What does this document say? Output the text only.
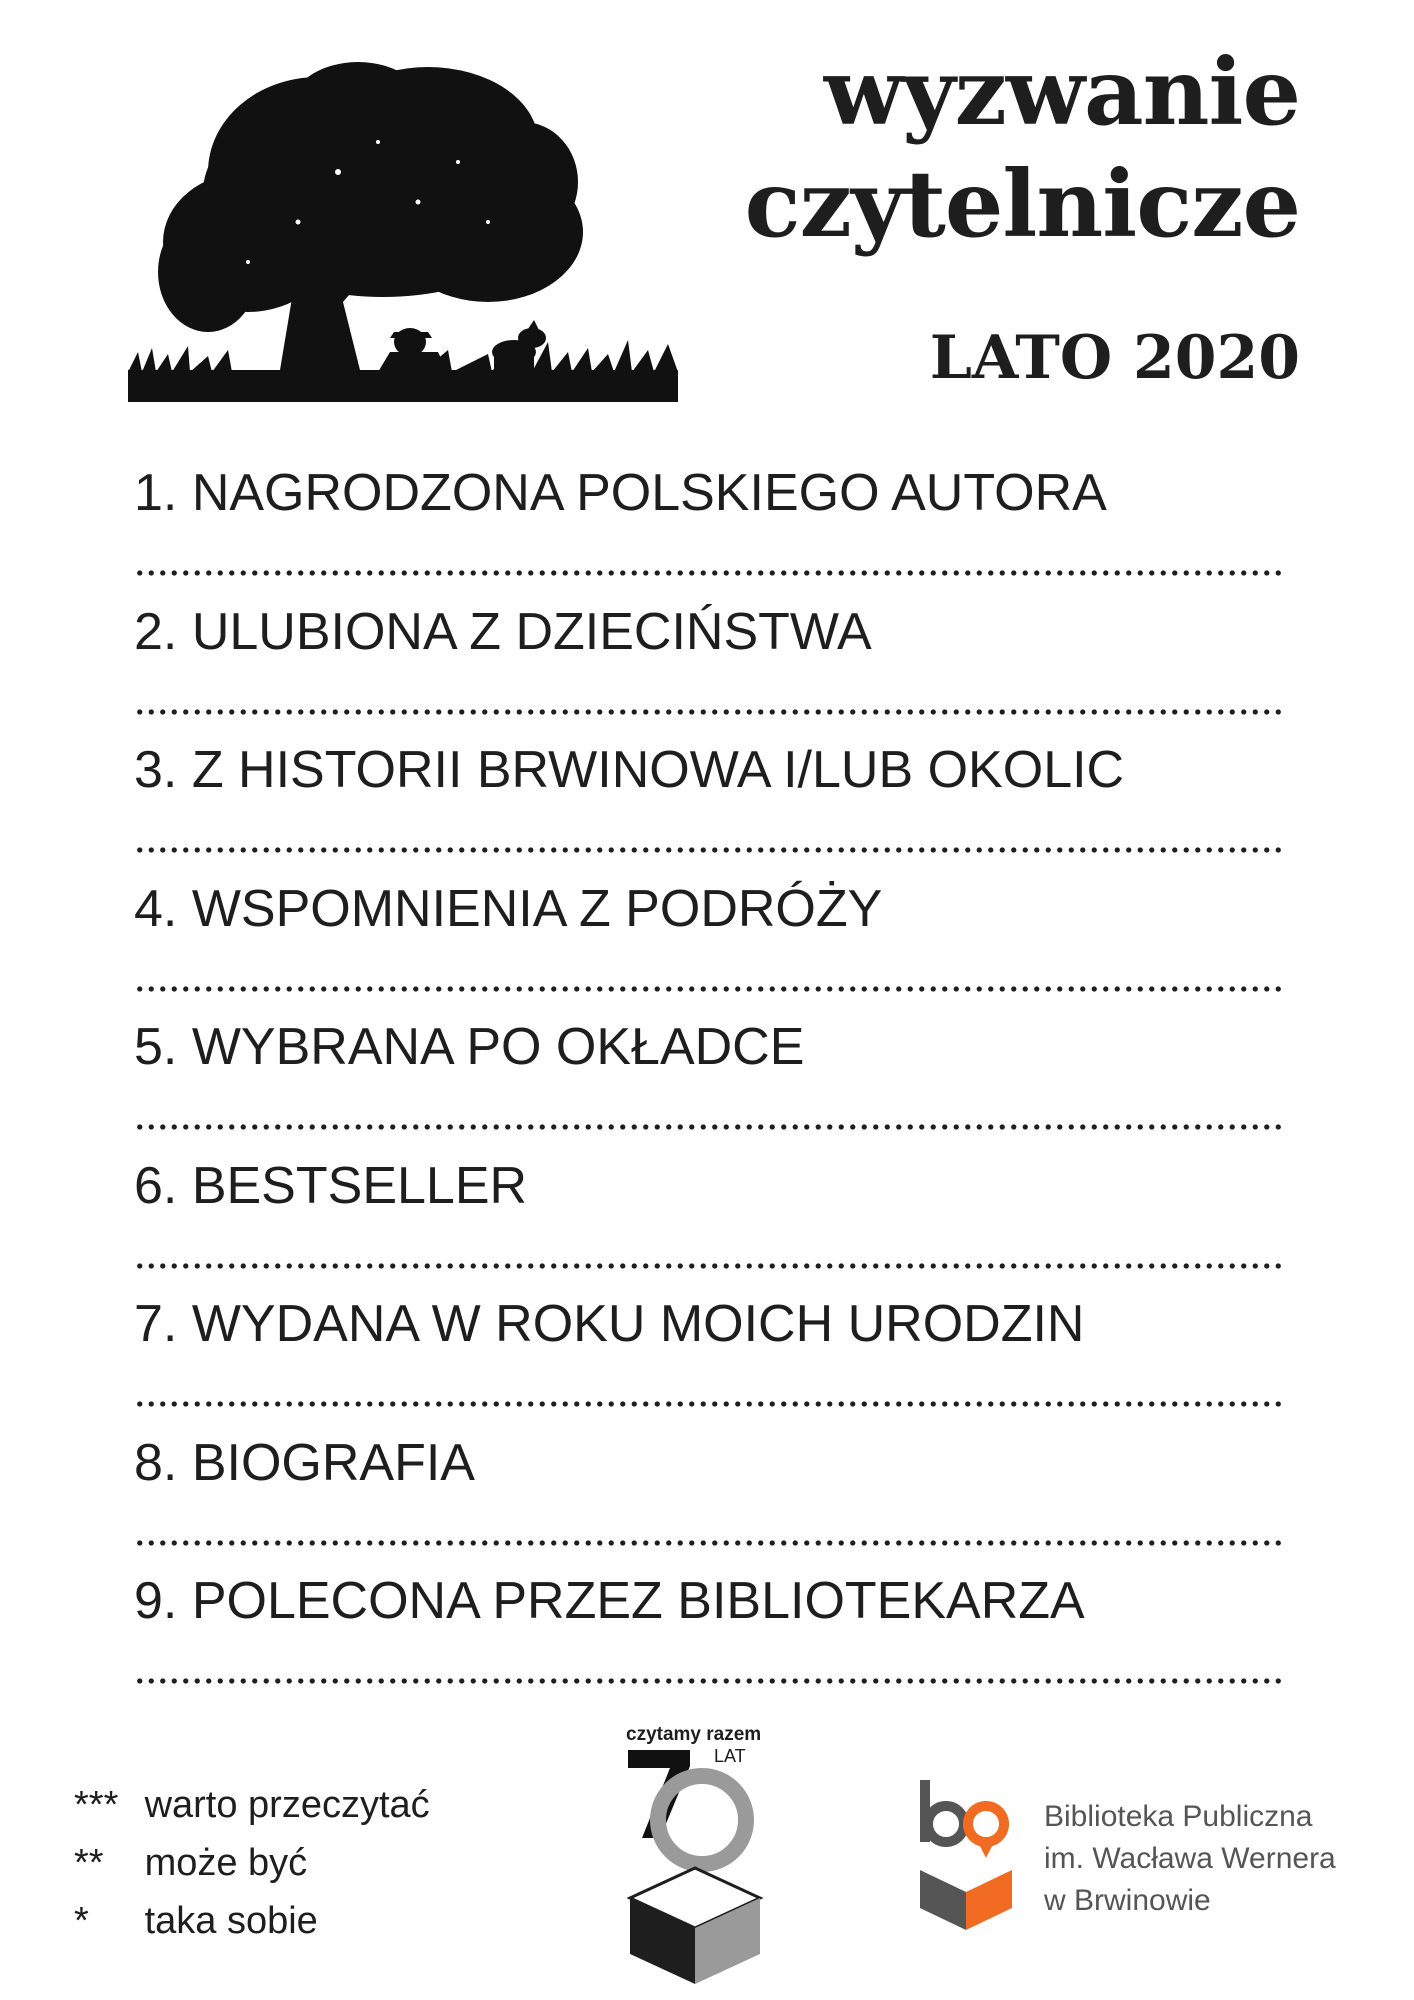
wyzwanie
czytelnicze
LATO 2020
1. NAGRODZONA POLSKIEGO AUTORA
2. ULUBIONA Z DZIECIŃSTWA
3. Z HISTORII BRWINOWA I/LUB OKOLIC
4. WSPOMNIENIA Z PODRÓŻY
5. WYBRANA PO OKŁADCE
6. BESTSELLER
7. WYDANA W ROKU MOICH URODZIN
8. BIOGRAFIA
9. POLECONA PRZEZ BIBLIOTEKARZA
*** warto przeczytać
** może być
* taka sobie
czytamy razem
LAT
Biblioteka Publiczna
im. Wacława Wernera
w Brwinowie
